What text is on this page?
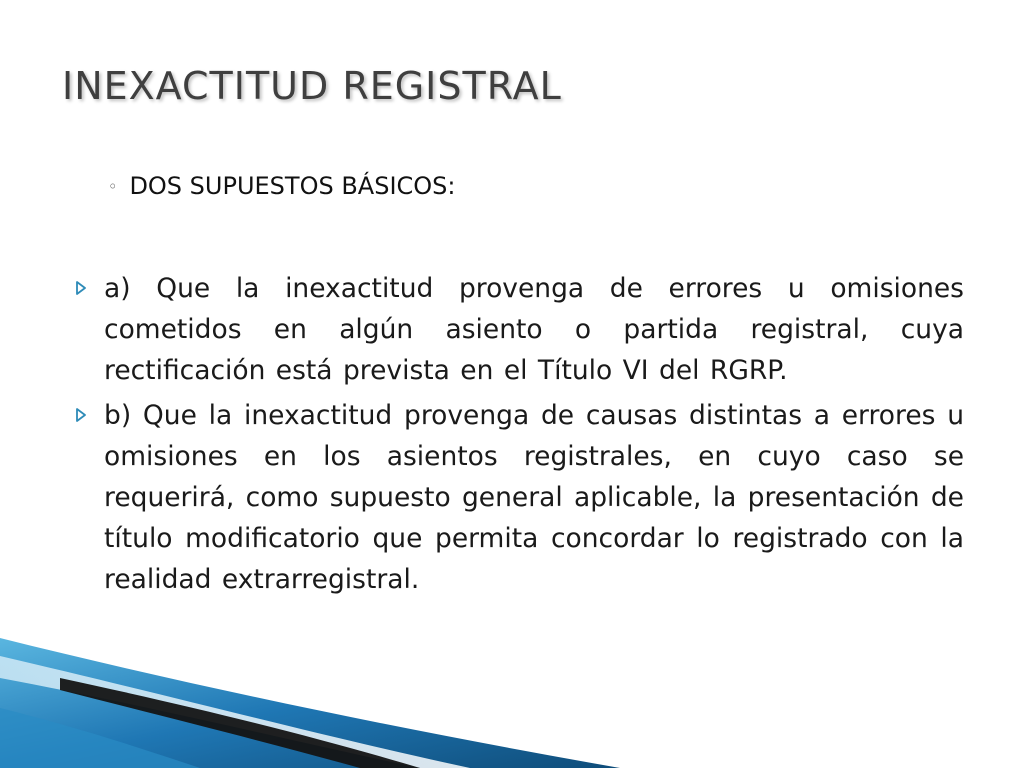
INEXACTITUD REGISTRAL
◦ DOS SUPUESTOS BÁSICOS:
a) Que la inexactitud provenga de errores u omisiones cometidos en algún asiento o partida registral, cuya rectificación está prevista en el Título VI del RGRP.
b) Que la inexactitud provenga de causas distintas a errores u omisiones en los asientos registrales, en cuyo caso se requerirá, como supuesto general aplicable, la presentación de título modificatorio que permita concordar lo registrado con la realidad extrarregistral.
